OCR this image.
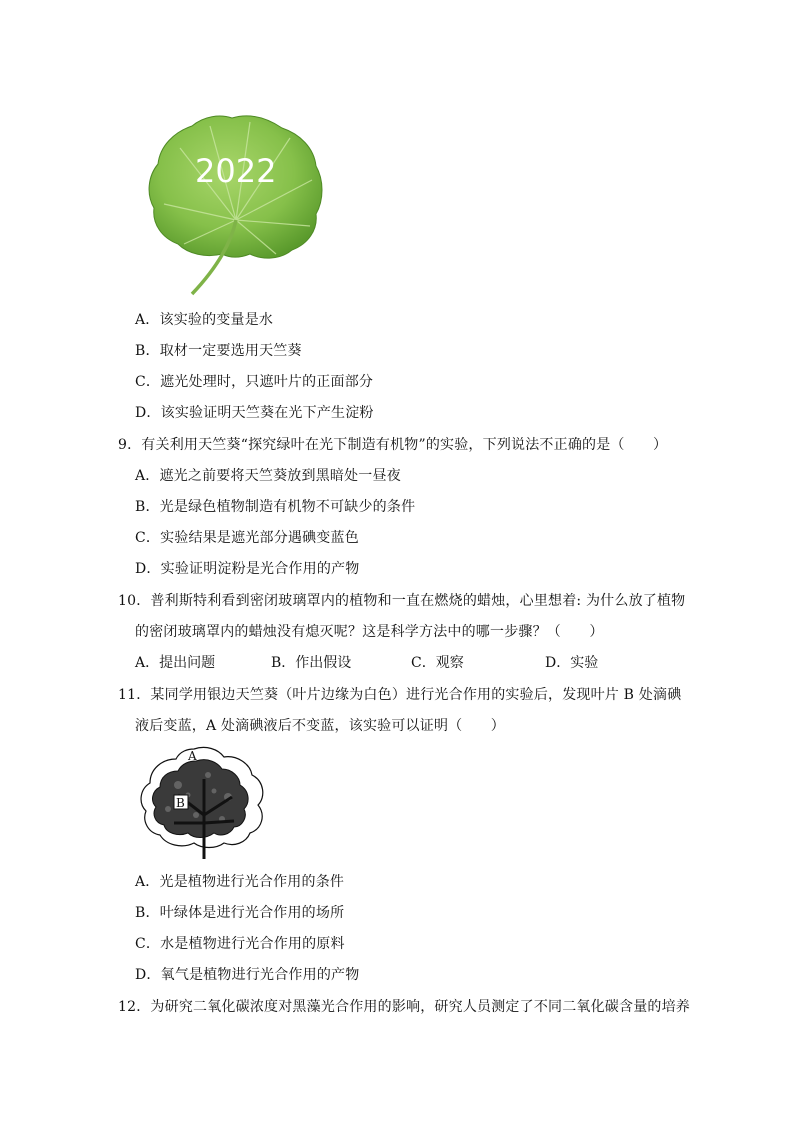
2022
A．该实验的变量是水
B．取材一定要选用天竺葵
C．遮光处理时，只遮叶片的正面部分
D．该实验证明天竺葵在光下产生淀粉
9．有关利用天竺葵“探究绿叶在光下制造有机物”的实验，下列说法不正确的是（　　）
A．遮光之前要将天竺葵放到黑暗处一昼夜
B．光是绿色植物制造有机物不可缺少的条件
C．实验结果是遮光部分遇碘变蓝色
D．实验证明淀粉是光合作用的产物
10．普利斯特利看到密闭玻璃罩内的植物和一直在燃烧的蜡烛，心里想着: 为什么放了植物
的密闭玻璃罩内的蜡烛没有熄灭呢？这是科学方法中的哪一步骤？（　　）
A．提出问题	B．作出假设	C．观察	D．实验
11．某同学用银边天竺葵（叶片边缘为白色）进行光合作用的实验后，发现叶片 B 处滴碘
液后变蓝，A 处滴碘液后不变蓝，该实验可以证明（　　）
A
B
A．光是植物进行光合作用的条件
B．叶绿体是进行光合作用的场所
C．水是植物进行光合作用的原料
D．氧气是植物进行光合作用的产物
12．为研究二氧化碳浓度对黑藻光合作用的影响，研究人员测定了不同二氧化碳含量的培养
